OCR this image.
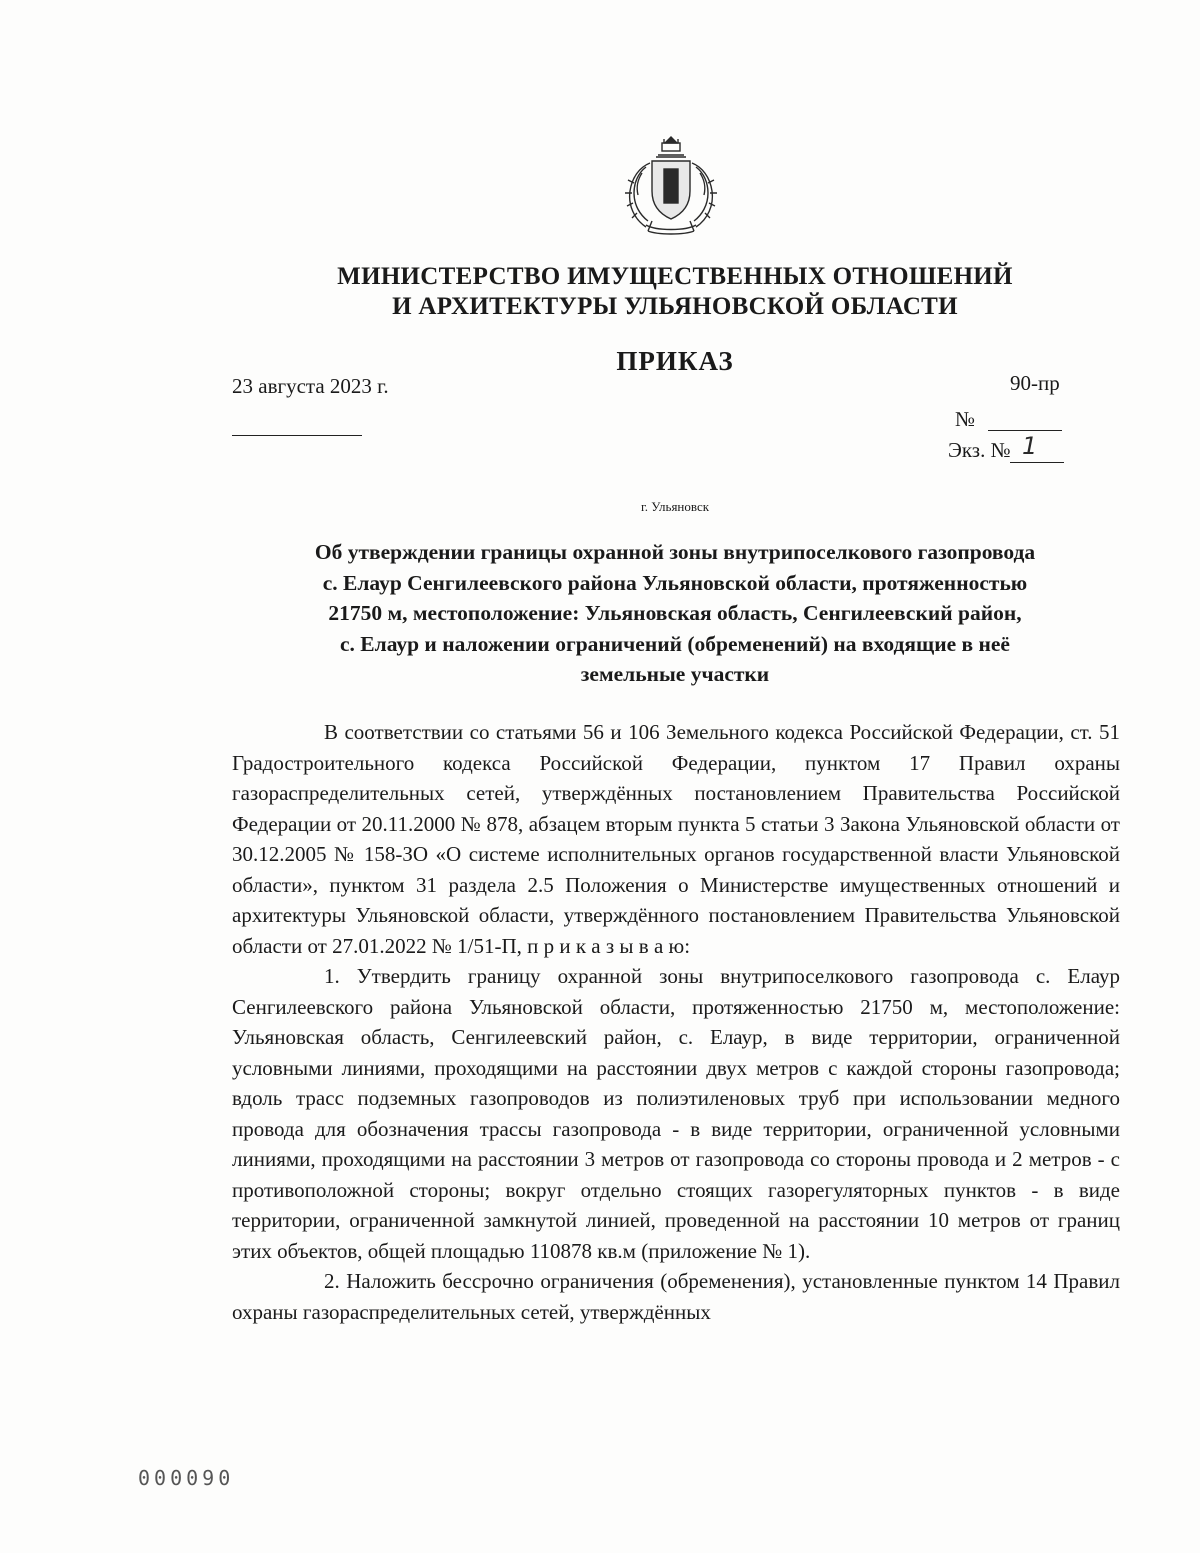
МИНИСТЕРСТВО ИМУЩЕСТВЕННЫХ ОТНОШЕНИЙ
И АРХИТЕКТУРЫ УЛЬЯНОВСКОЙ ОБЛАСТИ
ПРИКАЗ
23 августа 2023 г.	90-пр
№
Экз. № 1
г. Ульяновск
Об утверждении границы охранной зоны внутрипоселкового газопровода
с. Елаур Сенгилеевского района Ульяновской области, протяженностью
21750 м, местоположение: Ульяновская область, Сенгилеевский район,
с. Елаур и наложении ограничений (обременений) на входящие в неё
земельные участки

В соответствии со статьями 56 и 106 Земельного кодекса Российской Федерации, ст. 51 Градостроительного кодекса Российской Федерации, пунктом 17 Правил охраны газораспределительных сетей, утверждённых постановлением Правительства Российской Федерации от 20.11.2000 № 878, абзацем вторым пункта 5 статьи 3 Закона Ульяновской области от 30.12.2005 № 158-ЗО «О системе исполнительных органов государственной власти Ульяновской области», пунктом 31 раздела 2.5 Положения о Министерстве имущественных отношений и архитектуры Ульяновской области, утверждённого постановлением Правительства Ульяновской области от 27.01.2022 № 1/51-П, п р и к а з ы в а ю:

1. Утвердить границу охранной зоны внутрипоселкового газопровода с. Елаур Сенгилеевского района Ульяновской области, протяженностью 21750 м, местоположение: Ульяновская область, Сенгилеевский район, с. Елаур, в виде территории, ограниченной условными линиями, проходящими на расстоянии двух метров с каждой стороны газопровода; вдоль трасс подземных газопроводов из полиэтиленовых труб при использовании медного провода для обозначения трассы газопровода - в виде территории, ограниченной условными линиями, проходящими на расстоянии 3 метров от газопровода со стороны провода и 2 метров - с противоположной стороны; вокруг отдельно стоящих газорегуляторных пунктов - в виде территории, ограниченной замкнутой линией, проведенной на расстоянии 10 метров от границ этих объектов, общей площадью 110878 кв.м (приложение № 1).

2. Наложить бессрочно ограничения (обременения), установленные пунктом 14 Правил охраны газораспределительных сетей, утверждённых

000090
